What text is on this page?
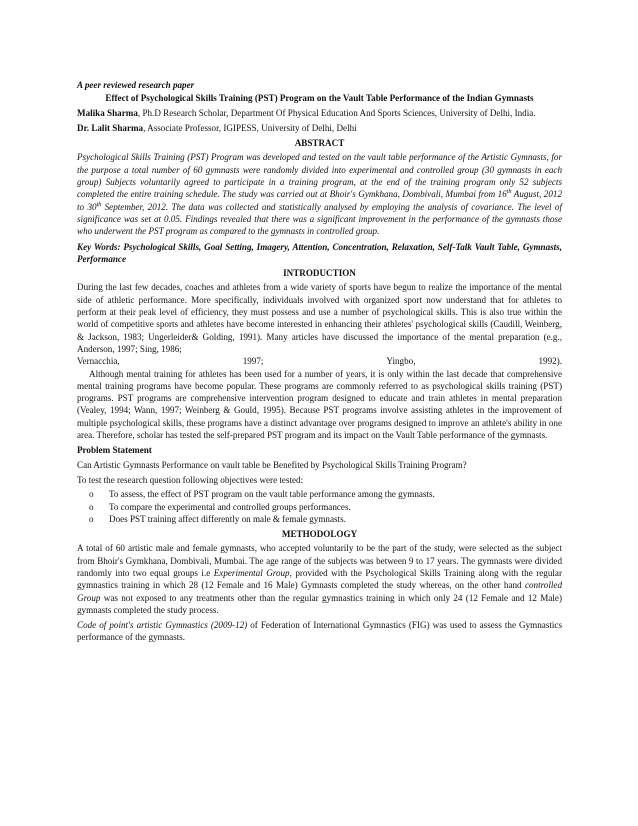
A peer reviewed research paper

Effect of Psychological Skills Training (PST) Program on the Vault Table Performance of the Indian Gymnasts

Malika Sharma, Ph.D Research Scholar, Department Of Physical Education And Sports Sciences, University of Delhi, India.

Dr. Lalit Sharma, Associate Professor, IGIPESS, University of Delhi, Delhi

ABSTRACT

Psychological Skills Training (PST) Program was developed and tested on the vault table performance of the Artistic Gymnasts, for the purpose a total number of 60 gymnasts were randomly divided into experimental and controlled group (30 gymnasts in each group) Subjects voluntarily agreed to participate in a training program, at the end of the training program only 52 subjects completed the entire training schedule. The study was carried out at Bhoir's Gymkhana, Dombivali, Mumbai from 16th August, 2012 to 30th September, 2012. The data was collected and statistically analysed by employing the analysis of covariance. The level of significance was set at 0.05. Findings revealed that there was a significant improvement in the performance of the gymnasts those who underwent the PST program as compared to the gymnasts in controlled group.

Key Words: Psychological Skills, Goal Setting, Imagery, Attention, Concentration, Relaxation, Self-Talk Vault Table, Gymnasts, Performance

INTRODUCTION

During the last few decades, coaches and athletes from a wide variety of sports have begun to realize the importance of the mental side of athletic performance. More specifically, individuals involved with organized sport now understand that for athletes to perform at their peak level of efficiency, they must possess and use a number of psychological skills. This is also true within the world of competitive sports and athletes have become interested in enhancing their athletes' psychological skills (Caudill, Weinberg, & Jackson, 1983; Ungerleider& Golding, 1991). Many articles have discussed the importance of the mental preparation (e.g., Anderson, 1997; Sing, 1986;

Vernacchia,	1997;	Yingbo,	1992).

Although mental training for athletes has been used for a number of years, it is only within the last decade that comprehensive mental training programs have become popular. These programs are commonly referred to as psychological skills training (PST) programs. PST programs are comprehensive intervention program designed to educate and train athletes in mental preparation (Vealey, 1994; Wann, 1997; Weinberg & Gould, 1995). Because PST programs involve assisting athletes in the improvement of multiple psychological skills, these programs have a distinct advantage over programs designed to improve an athlete's ability in one area. Therefore, scholar has tested the self-prepared PST program and its impact on the Vault Table performance of the gymnasts.

Problem Statement

Can Artistic Gymnasts Performance on vault table be Benefited by Psychological Skills Training Program?

To test the research question following objectives were tested:

o To assess, the effect of PST program on the vault table performance among the gymnasts.
o To compare the experimental and controlled groups performances.
o Does PST training affect differently on male & female gymnasts.

METHODOLOGY

A total of 60 artistic male and female gymnasts, who accepted voluntarily to be the part of the study, were selected as the subject from Bhoir's Gymkhana, Dombivali, Mumbai. The age range of the subjects was between 9 to 17 years. The gymnasts were divided randomly into two equal groups i.e Experimental Group, provided with the Psychological Skills Training along with the regular gymnastics training in which 28 (12 Female and 16 Male) Gymnasts completed the study whereas, on the other hand controlled Group was not exposed to any treatments other than the regular gymnastics training in which only 24 (12 Female and 12 Male) gymnasts completed the study process.

Code of point's artistic Gymnastics (2009-12) of Federation of International Gymnastics (FIG) was used to assess the Gymnastics performance of the gymnasts.
